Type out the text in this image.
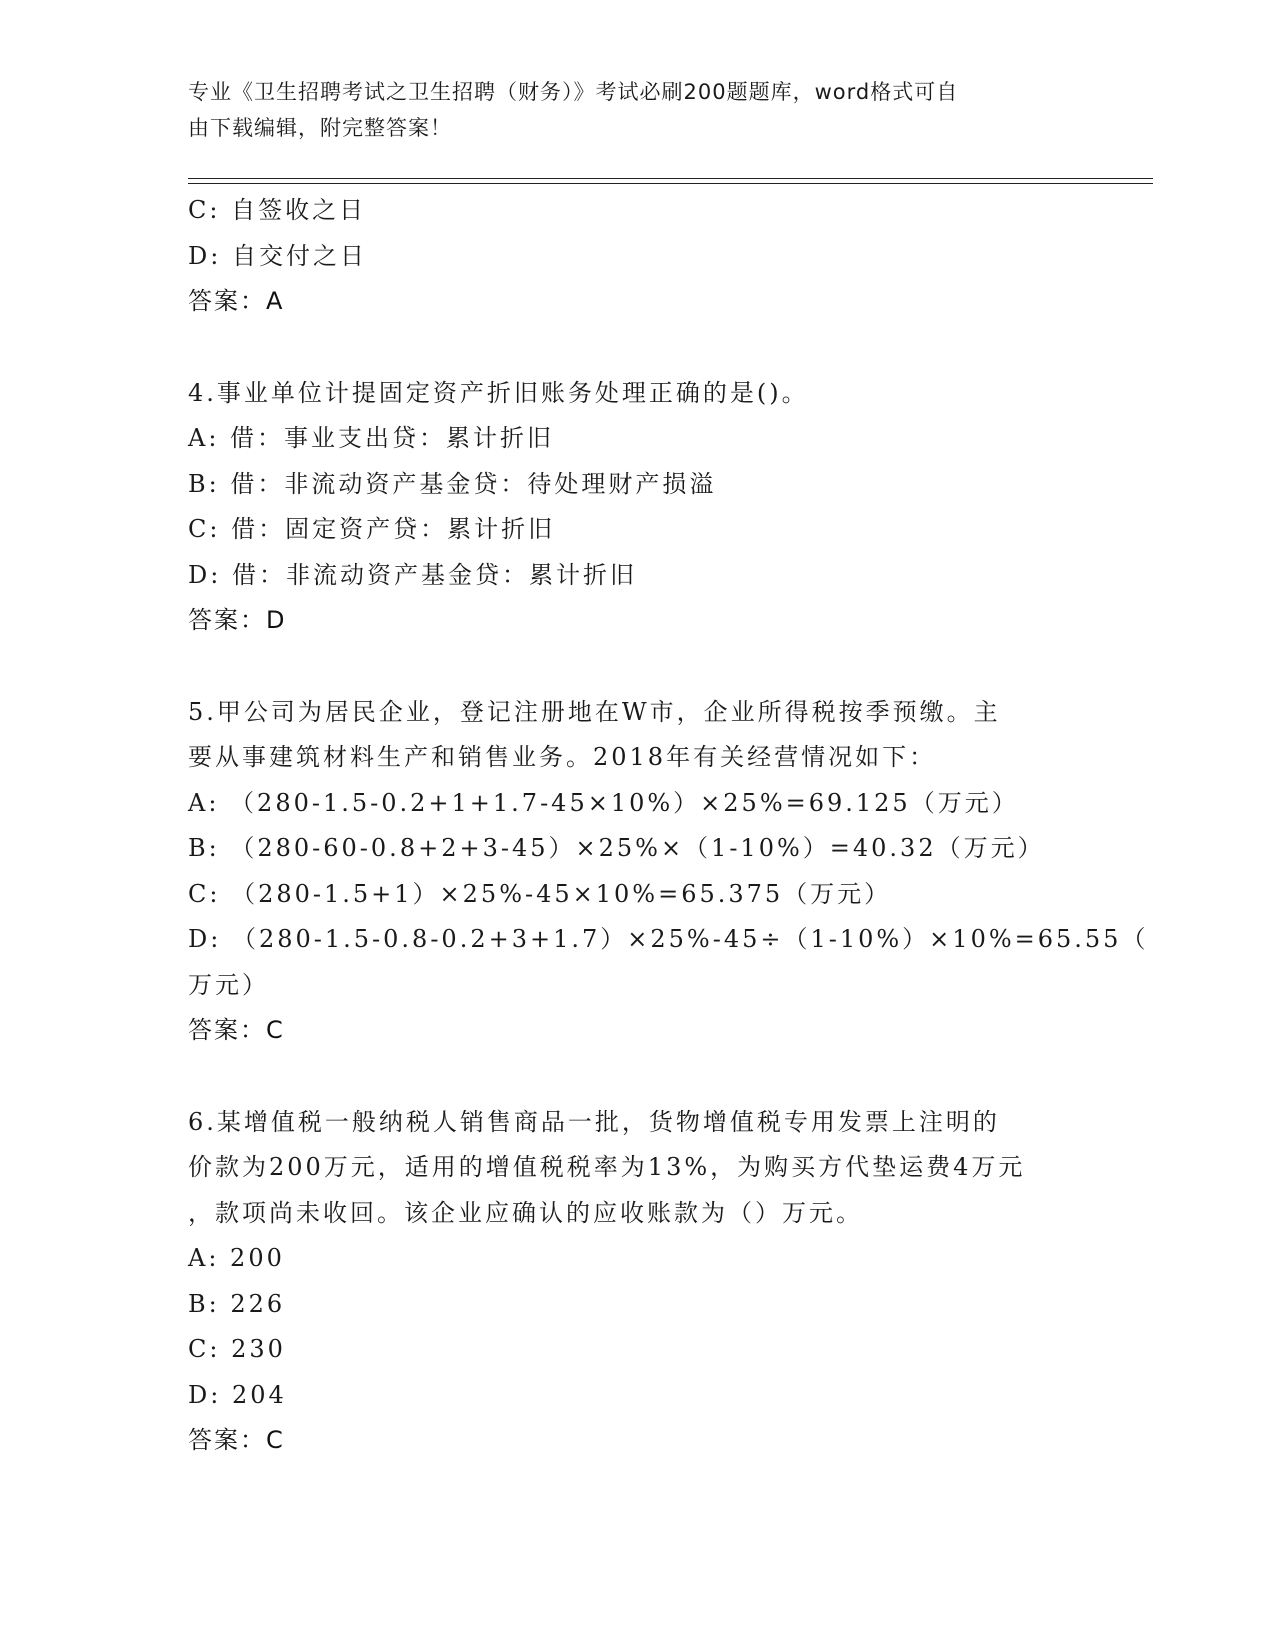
专业《卫生招聘考试之卫生招聘（财务）》考试必刷200题题库，word格式可自
由下载编辑，附完整答案！
C: 自签收之日
D: 自交付之日
答案：A
4.事业单位计提固定资产折旧账务处理正确的是()。
A: 借：事业支出贷：累计折旧
B: 借：非流动资产基金贷：待处理财产损溢
C: 借：固定资产贷：累计折旧
D: 借：非流动资产基金贷：累计折旧
答案：D
5.甲公司为居民企业，登记注册地在W市，企业所得税按季预缴。主
要从事建筑材料生产和销售业务。2018年有关经营情况如下：
A: （280-1.5-0.2+1+1.7-45×10%）×25%=69.125（万元）
B: （280-60-0.8+2+3-45）×25%×（1-10%）=40.32（万元）
C: （280-1.5+1）×25%-45×10%=65.375（万元）
D: （280-1.5-0.8-0.2+3+1.7）×25%-45÷（1-10%）×10%=65.55（
万元）
答案：C
6.某增值税一般纳税人销售商品一批，货物增值税专用发票上注明的
价款为200万元，适用的增值税税率为13%，为购买方代垫运费4万元
，款项尚未收回。该企业应确认的应收账款为（）万元。
A: 200
B: 226
C: 230
D: 204
答案：C
